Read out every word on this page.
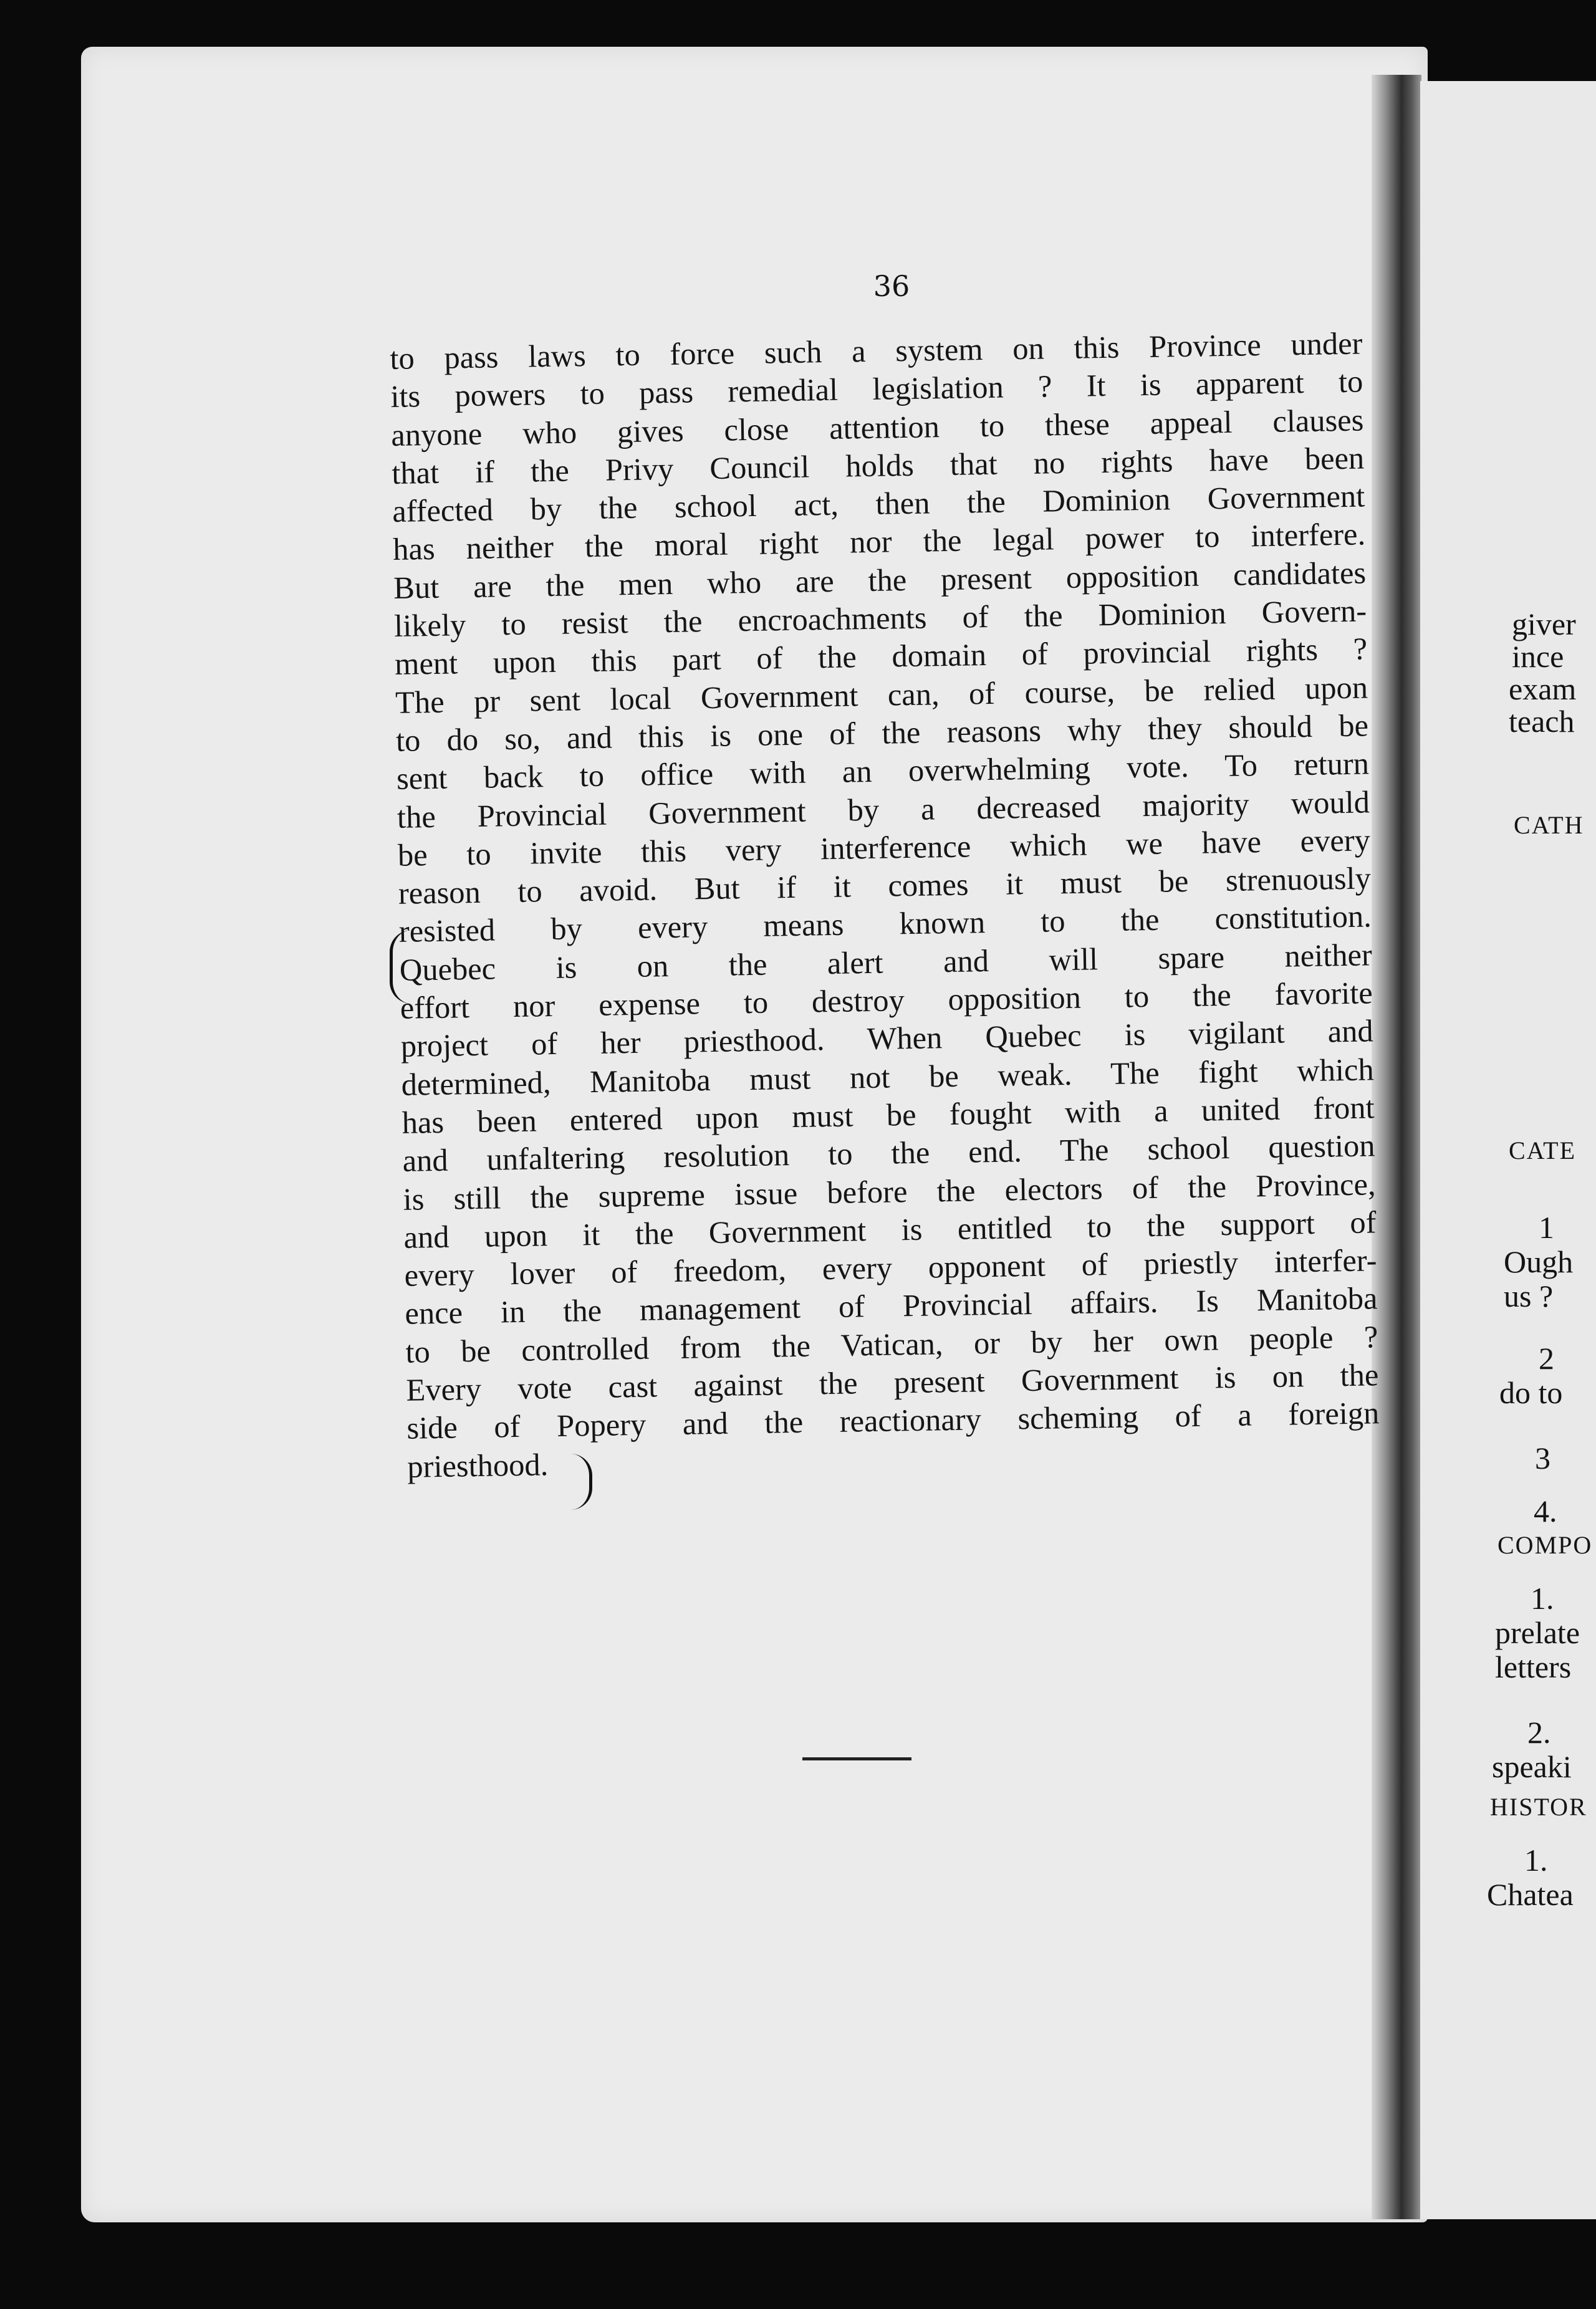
36
to pass laws to force such a system on this Province under
its powers to pass remedial legislation ? It is apparent to
anyone who gives close attention to these appeal clauses
that if the Privy Council holds that no rights have been
affected by the school act, then the Dominion Government
has neither the moral right nor the legal power to interfere.
But are the men who are the present opposition candidates
likely to resist the encroachments of the Dominion Govern-
ment upon this part of the domain of provincial rights ?
The pr sent local Government can, of course, be relied upon
to do so, and this is one of the reasons why they should be
sent back to office with an overwhelming vote. To return
the Provincial Government by a decreased majority would
be to invite this very interference which we have every
reason to avoid. But if it comes it must be strenuously
resisted by every means known to the constitution.
Quebec is on the alert and will spare neither
effort nor expense to destroy opposition to the favorite
project of her priesthood. When Quebec is vigilant and
determined, Manitoba must not be weak. The fight which
has been entered upon must be fought with a united front
and unfaltering resolution to the end. The school question
is still the supreme issue before the electors of the Province,
and upon it the Government is entitled to the support of
every lover of freedom, every opponent of priestly interfer-
ence in the management of Provincial affairs. Is Manitoba
to be controlled from the Vatican, or by her own people ?
Every vote cast against the present Government is on the
side of Popery and the reactionary scheming of a foreign
priesthood.
giver
ince
exam
teach
CATH
CATE
1
Ough
us ?
2
do to
3
4.
COMPO
1.
prelate
letters
2.
speaki
HISTOR
1.
Chatea
